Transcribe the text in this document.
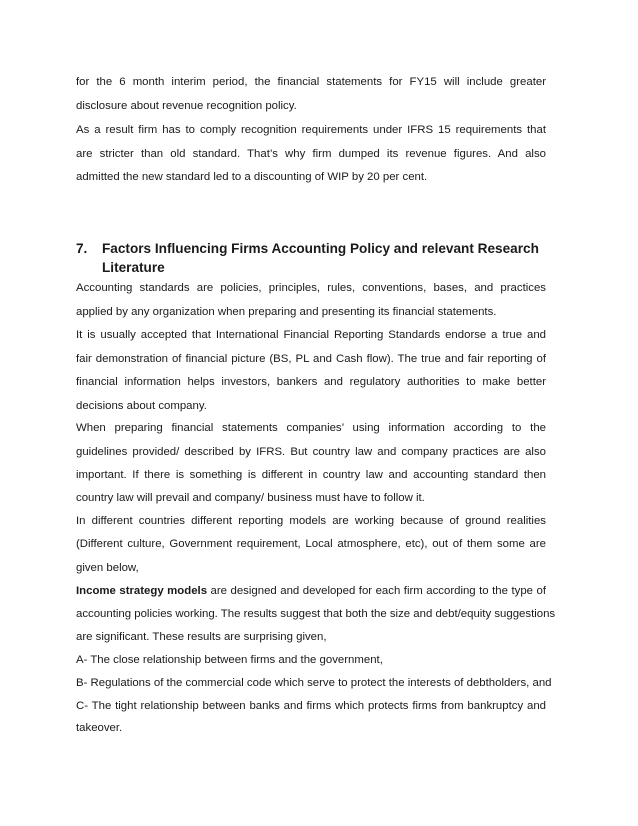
for the 6 month interim period, the financial statements for FY15 will include greater
disclosure about revenue recognition policy.
As a result firm has to comply recognition requirements under IFRS 15 requirements that
are stricter than old standard. That’s why firm dumped its revenue figures. And also
admitted the new standard led to a discounting of WIP by 20 per cent.
7. Factors Influencing Firms Accounting Policy and relevant Research
Literature
Accounting standards are policies, principles, rules, conventions, bases, and practices
applied by any organization when preparing and presenting its financial statements.
It is usually accepted that International Financial Reporting Standards endorse a true and
fair demonstration of financial picture (BS, PL and Cash flow). The true and fair reporting of
financial information helps investors, bankers and regulatory authorities to make better
decisions about company.
When preparing financial statements companies’ using information according to the
guidelines provided/ described by IFRS. But country law and company practices are also
important. If there is something is different in country law and accounting standard then
country law will prevail and company/ business must have to follow it.
In different countries different reporting models are working because of ground realities
(Different culture, Government requirement, Local atmosphere, etc), out of them some are
given below,
Income strategy models are designed and developed for each firm according to the type of
accounting policies working. The results suggest that both the size and debt/equity suggestions
are significant. These results are surprising given,
A- The close relationship between firms and the government,
B- Regulations of the commercial code which serve to protect the interests of debtholders, and
C- The tight relationship between banks and firms which protects firms from bankruptcy and
takeover.
